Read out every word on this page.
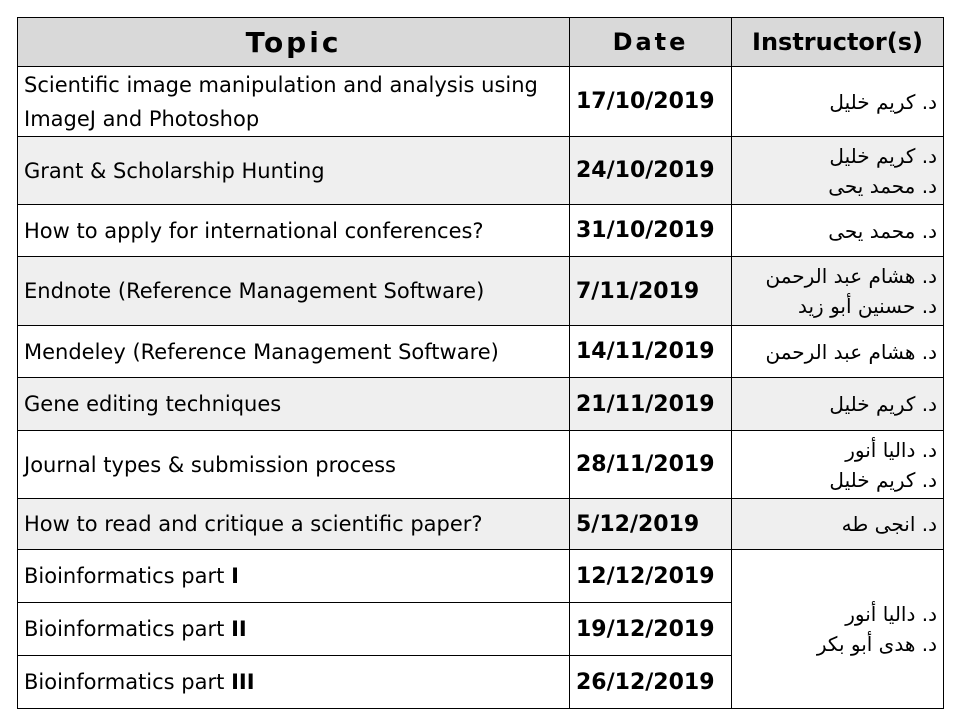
Topic	Date	Instructor(s)
Scientific image manipulation and analysis using ImageJ and Photoshop	17/10/2019	د. كريم خليل

Grant & Scholarship Hunting	24/10/2019	د. كريم خليل
د. محمد يحى

How to apply for international conferences?	31/10/2019	د. محمد يحى

Endnote (Reference Management Software)	7/11/2019	د. هشام عبد الرحمن
د. حسنين أبو زيد

Mendeley (Reference Management Software)	14/11/2019	د. هشام عبد الرحمن

Gene editing techniques	21/11/2019	د. كريم خليل

Journal types & submission process	28/11/2019	د. داليا أنور
د. كريم خليل

How to read and critique a scientific paper?	5/12/2019	د. انجى طه

Bioinformatics part I	12/12/2019	د. داليا أنور
د. هدى أبو بكر

Bioinformatics part II	19/12/2019	
Bioinformatics part III	26/12/2019	
